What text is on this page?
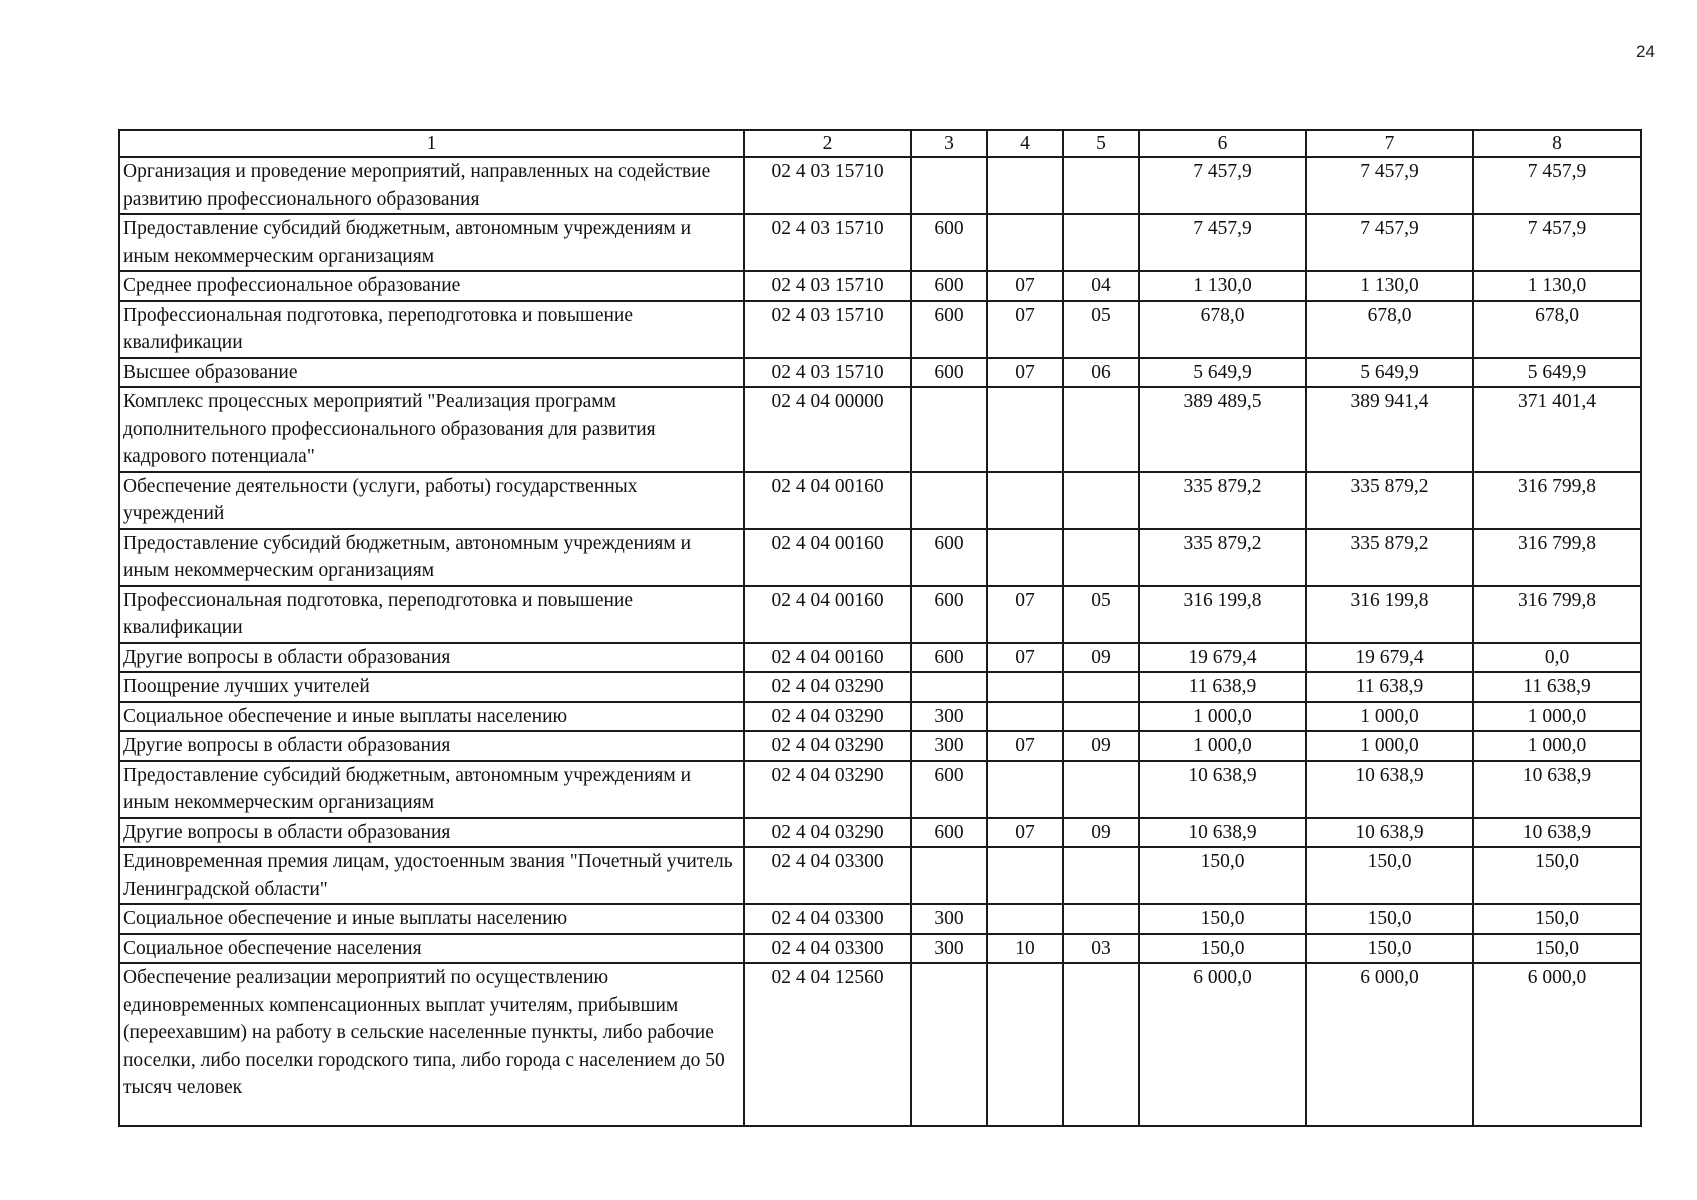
24
1	2	3	4	5	6	7	8
Организация и проведение мероприятий, направленных на содействие развитию профессионального образования	02 4 03 15710				7 457,9	7 457,9	7 457,9
Предоставление субсидий бюджетным, автономным учреждениям и иным некоммерческим организациям	02 4 03 15710	600			7 457,9	7 457,9	7 457,9
Среднее профессиональное образование	02 4 03 15710	600	07	04	1 130,0	1 130,0	1 130,0
Профессиональная подготовка, переподготовка и повышение квалификации	02 4 03 15710	600	07	05	678,0	678,0	678,0
Высшее образование	02 4 03 15710	600	07	06	5 649,9	5 649,9	5 649,9
Комплекс процессных мероприятий "Реализация программ дополнительного профессионального образования для развития кадрового потенциала"	02 4 04 00000				389 489,5	389 941,4	371 401,4
Обеспечение деятельности (услуги, работы) государственных учреждений	02 4 04 00160				335 879,2	335 879,2	316 799,8
Предоставление субсидий бюджетным, автономным учреждениям и иным некоммерческим организациям	02 4 04 00160	600			335 879,2	335 879,2	316 799,8
Профессиональная подготовка, переподготовка и повышение квалификации	02 4 04 00160	600	07	05	316 199,8	316 199,8	316 799,8
Другие вопросы в области образования	02 4 04 00160	600	07	09	19 679,4	19 679,4	0,0
Поощрение лучших учителей	02 4 04 03290				11 638,9	11 638,9	11 638,9
Социальное обеспечение и иные выплаты населению	02 4 04 03290	300			1 000,0	1 000,0	1 000,0
Другие вопросы в области образования	02 4 04 03290	300	07	09	1 000,0	1 000,0	1 000,0
Предоставление субсидий бюджетным, автономным учреждениям и иным некоммерческим организациям	02 4 04 03290	600			10 638,9	10 638,9	10 638,9
Другие вопросы в области образования	02 4 04 03290	600	07	09	10 638,9	10 638,9	10 638,9
Единовременная премия лицам, удостоенным звания "Почетный учитель Ленинградской области"	02 4 04 03300				150,0	150,0	150,0
Социальное обеспечение и иные выплаты населению	02 4 04 03300	300			150,0	150,0	150,0
Социальное обеспечение населения	02 4 04 03300	300	10	03	150,0	150,0	150,0
Обеспечение реализации мероприятий по осуществлению единовременных компенсационных выплат учителям, прибывшим (переехавшим) на работу в сельские населенные пункты, либо рабочие поселки, либо поселки городского типа, либо города с населением до 50 тысяч человек	02 4 04 12560				6 000,0	6 000,0	6 000,0
